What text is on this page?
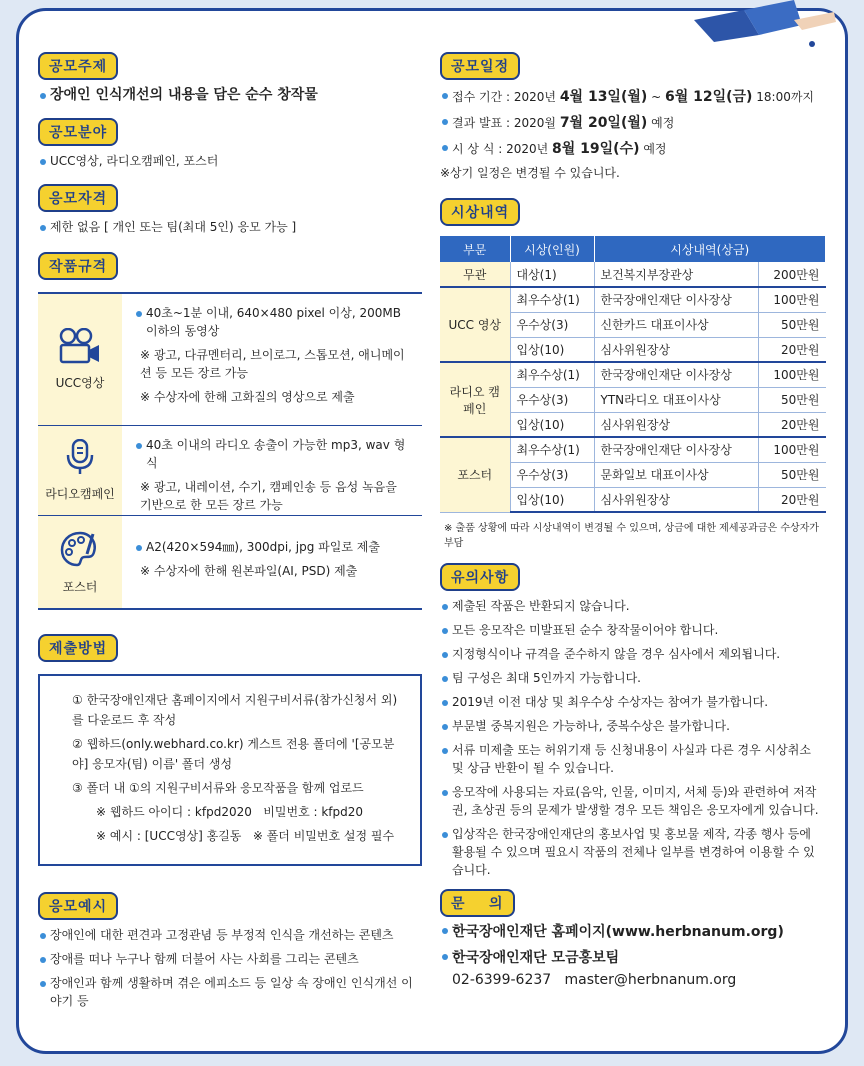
공모주제
장애인 인식개선의 내용을 담은 순수 창작물
공모분야
UCC영상, 라디오캠페인, 포스터
응모자격
제한 없음 [ 개인 또는 팀(최대 5인) 응모 가능 ]
작품규격
UCC영상
40초~1분 이내, 640×480 pixel 이상, 200MB 이하의 동영상
※ 광고, 다큐멘터리, 브이로그, 스톱모션, 애니메이션 등 모든 장르 가능
※ 수상자에 한해 고화질의 영상으로 제출
라디오캠페인
40초 이내의 라디오 송출이 가능한 mp3, wav 형식
※ 광고, 내레이션, 수기, 캠페인송 등 음성 녹음을 기반으로 한 모든 장르 가능
포스터
A2(420×594㎜), 300dpi, jpg 파일로 제출
※ 수상자에 한해 원본파일(AI, PSD) 제출
제출방법

① 한국장애인재단 홈페이지에서 지원구비서류(참가신청서 외) 를 다운로드 후 작성

② 웹하드(only.webhard.co.kr) 게스트 전용 폴더에 '[공모분야] 응모자(팀) 이름' 폴더 생성

③ 폴더 내 ①의 지원구비서류와 응모작품을 함께 업로드

※ 웹하드 아이디 : kfpd2020   비밀번호 : kfpd20

※ 예시 : [UCC영상] 홍길동   ※ 폴더 비밀번호 설정 필수

응모예시
장애인에 대한 편견과 고정관념 등 부정적 인식을 개선하는 콘텐츠
장애를 떠나 누구나 함께 더불어 사는 사회를 그리는 콘텐츠
장애인과 함께 생활하며 겪은 에피소드 등 일상 속 장애인 인식개선 이야기 등
공모일정
접수 기간 : 2020년 4월 13일(월) ~ 6월 12일(금) 18:00까지
결과 발표 : 2020월 7월 20일(월) 예정
시 상 식 : 2020년 8월 19일(수) 예정
※상기 일정은 변경될 수 있습니다.
시상내역
부문	시상(인원)	시상내역(상금)	
무관	대상(1)	보건복지부장관상	200만원
UCC 영상	최우수상(1)	한국장애인재단 이사장상	100만원
	우수상(3)	신한카드 대표이사상	50만원
	입상(10)	심사위원장상	20만원
라디오 캠페인	최우수상(1)	한국장애인재단 이사장상	100만원
	우수상(3)	YTN라디오 대표이사상	50만원
	입상(10)	심사위원장상	20만원
포스터	최우수상(1)	한국장애인재단 이사장상	100만원
	우수상(3)	문화일보 대표이사상	50만원
	입상(10)	심사위원장상	20만원
※ 출품 상황에 따라 시상내역이 변경될 수 있으며, 상금에 대한 제세공과금은 수상자가 부담
유의사항
제출된 작품은 반환되지 않습니다.
모든 응모작은 미발표된 순수 창작물이어야 합니다.
지정형식이나 규격을 준수하지 않을 경우 심사에서 제외됩니다.
팀 구성은 최대 5인까지 가능합니다.
2019년 이전 대상 및 최우수상 수상자는 참여가 불가합니다.
부문별 중복지원은 가능하나, 중복수상은 불가합니다.
서류 미제출 또는 허위기재 등 신청내용이 사실과 다른 경우 시상취소 및 상금 반환이 될 수 있습니다.
응모작에 사용되는 자료(음악, 인물, 이미지, 서체 등)와 관련하여 저작권, 초상권 등의 문제가 발생할 경우 모든 책임은 응모자에게 있습니다.
입상작은 한국장애인재단의 홍보사업 및 홍보물 제작, 각종 행사 등에 활용될 수 있으며 필요시 작품의 전체나 일부를 변경하여 이용할 수 있습니다.
문    의
한국장애인재단 홈페이지(www.herbnanum.org)
한국장애인재단 모금홍보팀
02-6399-6237   master@herbnanum.org
